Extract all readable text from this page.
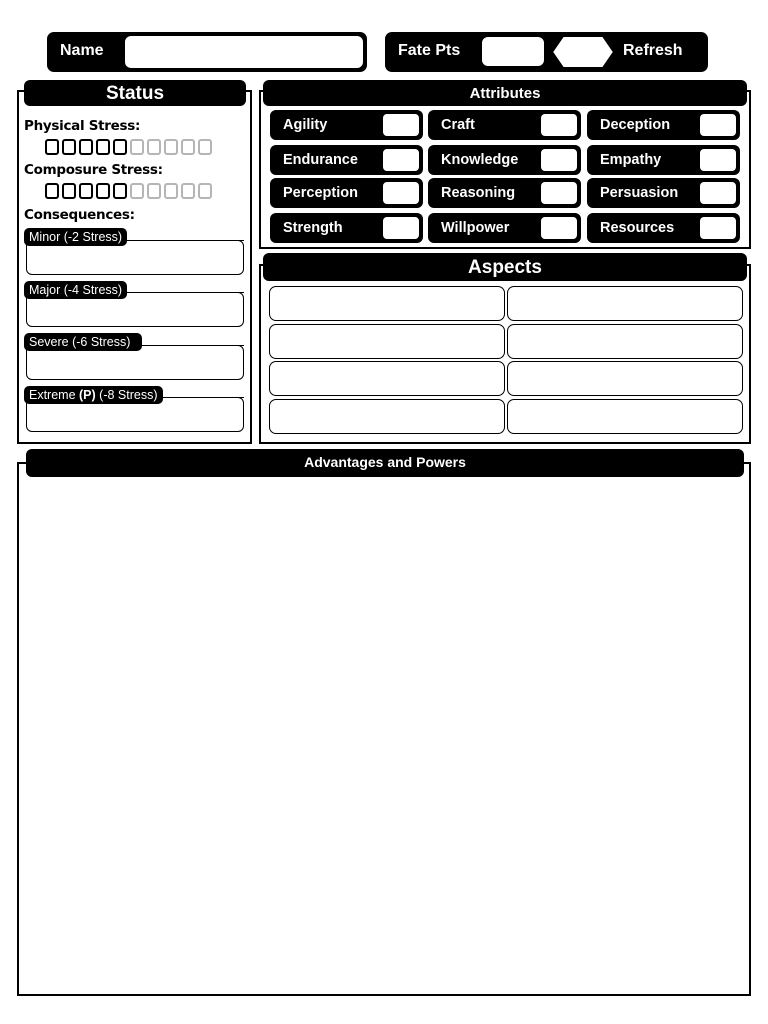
Name	Fate Pts	Refresh
Status
Physical Stress:
Composure Stress:
Consequences:
Minor (-2 Stress)
Major (-4 Stress)
Severe (-6 Stress)
Extreme (P) (-8 Stress)
Attributes
Agility	Craft	Deception
Endurance	Knowledge	Empathy
Perception	Reasoning	Persuasion
Strength	Willpower	Resources
Aspects
Advantages and Powers
